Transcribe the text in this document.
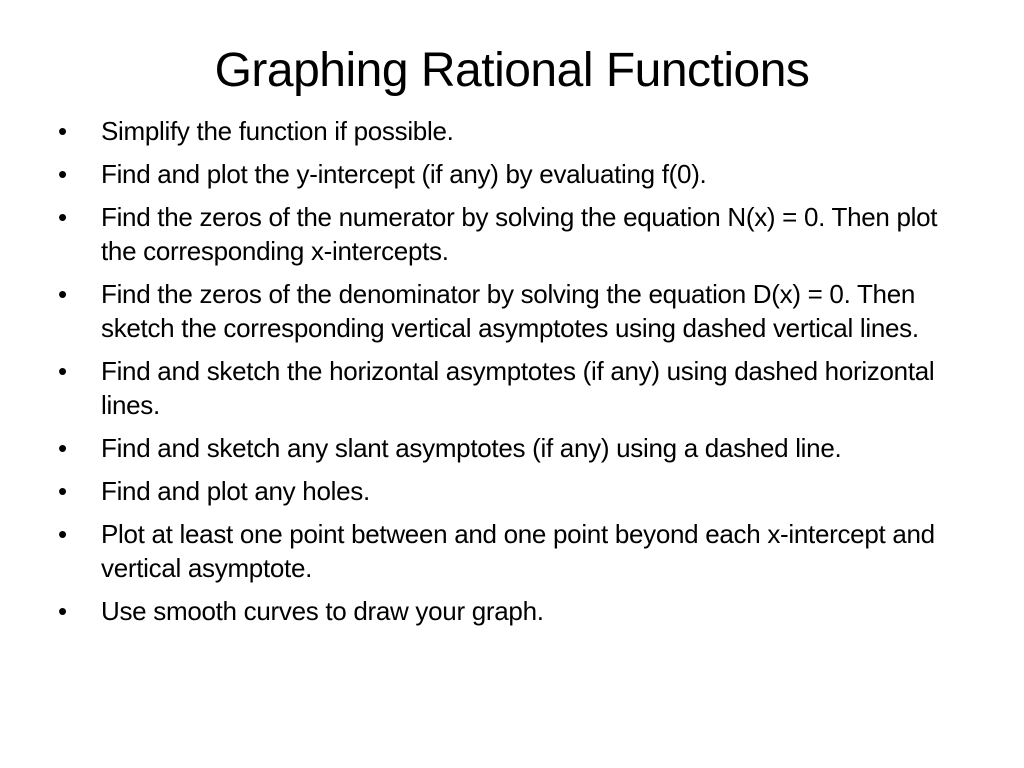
Graphing Rational Functions
•	Simplify the function if possible.
•	Find and plot the y-intercept (if any) by evaluating f(0).
•	Find the zeros of the numerator by solving the equation N(x) = 0. Then plot the corresponding x-intercepts.
•	Find the zeros of the denominator by solving the equation D(x) = 0. Then sketch the corresponding vertical asymptotes using dashed vertical lines.
•	Find and sketch the horizontal asymptotes (if any) using dashed horizontal lines.
•	Find and sketch any slant asymptotes (if any) using a dashed line.
•	Find and plot any holes.
•	Plot at least one point between and one point beyond each x-intercept and vertical asymptote.
•	Use smooth curves to draw your graph.
